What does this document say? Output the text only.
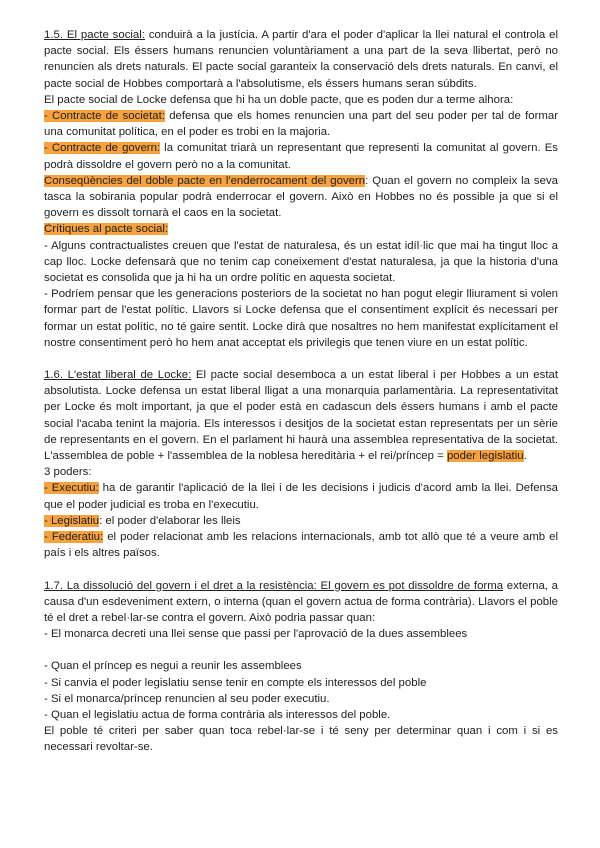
1.5. El pacte social: conduirà a la justícia. A partir d'ara el poder d'aplicar la llei natural el controla el pacte social. Els éssers humans renuncien voluntàriament a una part de la seva llibertat, però no renuncien als drets naturals. El pacte social garanteix la conservació dels drets naturals. En canvi, el pacte social de Hobbes comportarà a l'absolutisme, els éssers humans seran súbdits.

El pacte social de Locke defensa que hi ha un doble pacte, que es poden dur a terme alhora:

- Contracte de societat: defensa que els homes renuncien una part del seu poder per tal de formar una comunitat política, en el poder es trobi en la majoria.

- Contracte de govern: la comunitat triarà un representant que representi la comunitat al govern. Es podrà dissoldre el govern però no a la comunitat.

Conseqüències del doble pacte en l'enderrocament del govern: Quan el govern no compleix la seva tasca la sobirania popular podrà enderrocar el govern. Això en Hobbes no és possible ja que si el govern es dissolt tornarà el caos en la societat.

Crítiques al pacte social:

- Alguns contractualistes creuen que l'estat de naturalesa, és un estat idíl·lic que mai ha tingut lloc a cap lloc. Locke defensarà que no tenim cap coneixement d'estat naturalesa, ja que la historia d'una societat es consolida que ja hi ha un ordre polític en aquesta societat.

- Podríem pensar que les generacions posteriors de la societat no han pogut elegir lliurament si volen formar part de l'estat polític. Llavors si Locke defensa que el consentiment explícit és necessari per formar un estat polític, no té gaire sentit. Locke dirà que nosaltres no hem manifestat explícitament el nostre consentiment però ho hem anat acceptat els privilegis que tenen viure en un estat polític.

1.6. L'estat liberal de Locke: El pacte social desemboca a un estat liberal i per Hobbes a un estat absolutista. Locke defensa un estat liberal lligat a una monarquia parlamentària. La representativitat per Locke és molt important, ja que el poder està en cadascun dels éssers humans i amb el pacte social l'acaba tenint la majoria. Els interessos i desitjos de la societat estan representats per un sèrie de representants en el govern. En el parlament hi haurà una assemblea representativa de la societat. L'assemblea de poble + l'assemblea de la noblesa hereditària + el rei/príncep = poder legislatiu.

3 poders:

- Executiu: ha de garantir l'aplicació de la llei i de les decisions i judicis d'acord amb la llei. Defensa que el poder judicial es troba en l'executiu.

- Legislatiu: el poder d'elaborar les lleis

- Federatiu: el poder relacionat amb les relacions internacionals, amb tot allò que té a veure amb el país i els altres països.

1.7. La dissolució del govern i el dret a la resistència: El govern es pot dissoldre de forma externa, a causa d'un esdeveniment extern, o interna (quan el govern actua de forma contrària). Llavors el poble té el dret a rebel·lar-se contra el govern. Això podria passar quan:

- El monarca decreti una llei sense que passi per l'aprovació de la dues assemblees

- Quan el príncep es negui a reunir les assemblees

- Si canvia el poder legislatiu sense tenir en compte els interessos del poble

- Si el monarca/príncep renuncien al seu poder executiu.

- Quan el legislatiu actua de forma contrària als interessos del poble.

El poble té criteri per saber quan toca rebel·lar-se i té seny per determinar quan i com i si es necessari revoltar-se.
